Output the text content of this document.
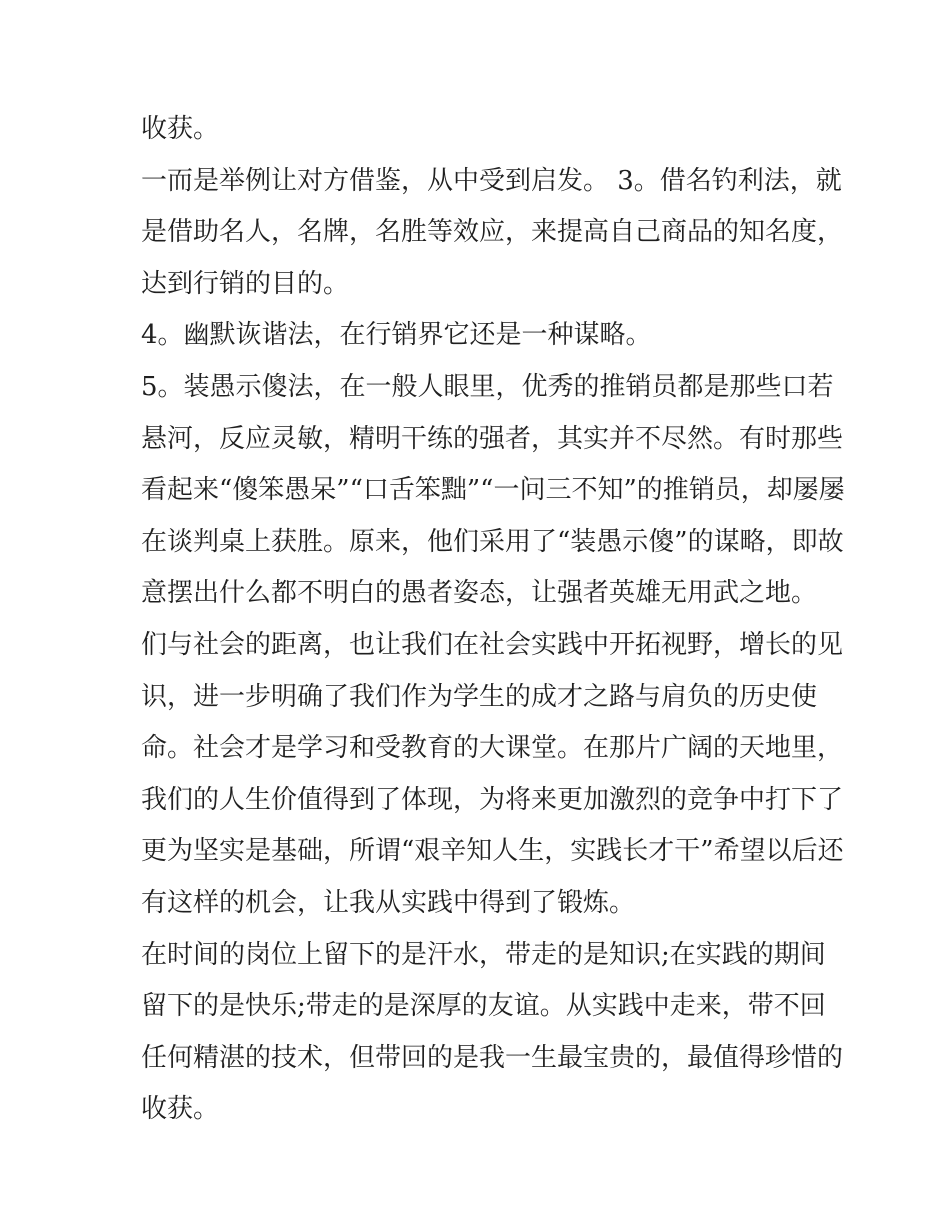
收获。
一而是举例让对方借鉴，从中受到启发。 3。借名钓利法，就
是借助名人，名牌，名胜等效应，来提高自己商品的知名度，
达到行销的目的。
4。幽默诙谐法，在行销界它还是一种谋略。
5。装愚示傻法，在一般人眼里，优秀的推销员都是那些口若
悬河，反应灵敏，精明干练的强者，其实并不尽然。有时那些
看起来“傻笨愚呆”“口舌笨黜”“一问三不知”的推销员，却屡屡
在谈判桌上获胜。原来，他们采用了“装愚示傻”的谋略，即故
意摆出什么都不明白的愚者姿态，让强者英雄无用武之地。
们与社会的距离，也让我们在社会实践中开拓视野，增长的见
识，进一步明确了我们作为学生的成才之路与肩负的历史使
命。社会才是学习和受教育的大课堂。在那片广阔的天地里，
我们的人生价值得到了体现，为将来更加激烈的竞争中打下了
更为坚实是基础，所谓“艰辛知人生，实践长才干”希望以后还
有这样的机会，让我从实践中得到了锻炼。
在时间的岗位上留下的是汗水，带走的是知识;在实践的期间
留下的是快乐;带走的是深厚的友谊。从实践中走来，带不回
任何精湛的技术，但带回的是我一生最宝贵的，最值得珍惜的
收获。
